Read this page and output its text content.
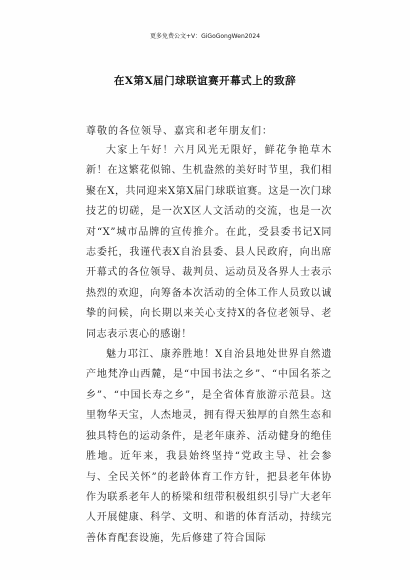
更多免费公文+V：GiGoGongWen2024
在X第X届门球联谊赛开幕式上的致辞
尊敬的各位领导、嘉宾和老年朋友们：

大家上午好！六月风光无限好，鲜花争艳草木新！在这繁花似锦、生机盎然的美好时节里，我们相聚在X，共同迎来X第X届门球联谊赛。这是一次门球技艺的切磋，是一次X区人文活动的交流，也是一次对“X”城市品牌的宣传推介。在此，受县委书记X同志委托，我谨代表X自治县委、县人民政府，向出席开幕式的各位领导、裁判员、运动员及各界人士表示热烈的欢迎，向筹备本次活动的全体工作人员致以诚挚的问候，向长期以来关心支持X的各位老领导、老同志表示衷心的感谢！

魅力邛江、康养胜地！X自治县地处世界自然遗产地梵净山西麓，是“中国书法之乡”、“中国名茶之乡”、“中国长寿之乡”，是全省体育旅游示范县。这里物华天宝，人杰地灵，拥有得天独厚的自然生态和独具特色的运动条件，是老年康养、活动健身的绝佳胜地。近年来，我县始终坚持“党政主导、社会参与、全民关怀”的老龄体育工作方针，把县老年体协作为联系老年人的桥梁和纽带积极组织引导广大老年人开展健康、科学、文明、和谐的体育活动，持续完善体育配套设施，先后修建了符合国际
